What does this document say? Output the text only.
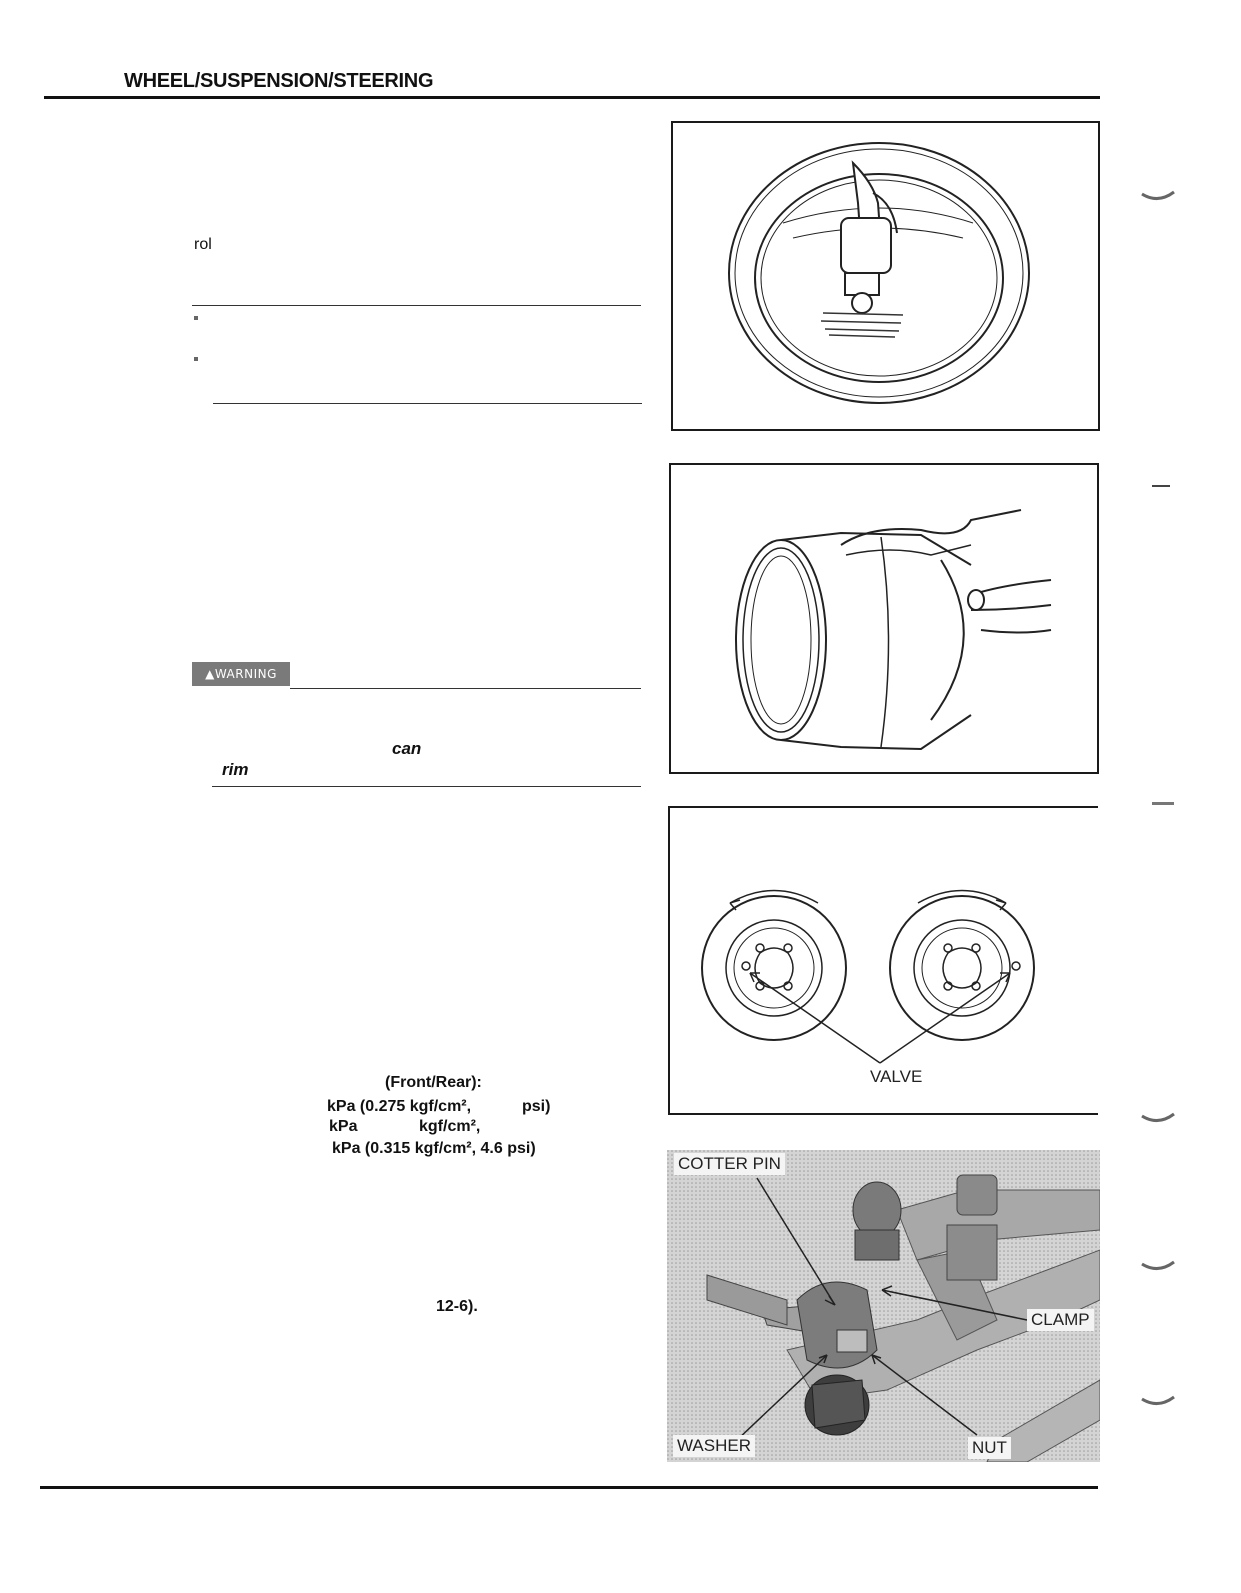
WHEEL/SUSPENSION/STEERING
rol
▲WARNING
can
rim
(Front/Rear):
kPa (0.275 kgf/cm²,	psi)
kPa	kgf/cm²,
kPa (0.315 kgf/cm², 4.6 psi)
12-6).
VALVE
COTTER PIN
CLAMP
WASHER	NUT
